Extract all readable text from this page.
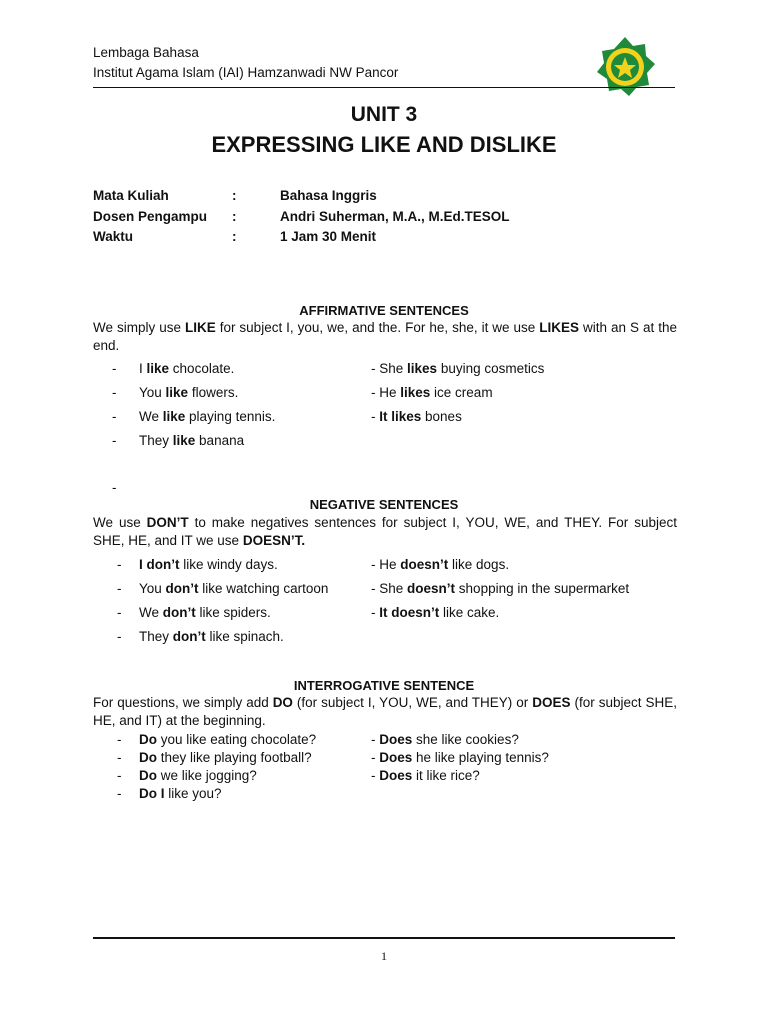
Lembaga Bahasa
Institut Agama Islam (IAI) Hamzanwadi NW Pancor
UNIT 3
EXPRESSING LIKE AND DISLIKE
Mata Kuliah	:	Bahasa Inggris
Dosen Pengampu :	Andri Suherman, M.A., M.Ed.TESOL
Waktu	:	1 Jam 30 Menit
AFFIRMATIVE SENTENCES
We simply use LIKE for subject I, you, we, and the. For he, she, it we use LIKES with an S at the end.
- I like chocolate.
- You like flowers.
- We like playing tennis.
- They like banana
- She likes buying cosmetics
- He likes ice cream
- It likes bones
-
NEGATIVE SENTENCES
We use DON’T to make negatives sentences for subject I, YOU, WE, and THEY. For subject SHE, HE, and IT we use DOESN’T.
- I don’t like windy days.
- You don’t like watching cartoon
- We don’t like spiders.
- They don’t like spinach.
- He doesn’t like dogs.
- She doesn’t shopping in the supermarket
- It doesn’t like cake.
INTERROGATIVE SENTENCE
For questions, we simply add DO (for subject I, YOU, WE, and THEY) or DOES (for subject SHE, HE, and IT) at the beginning.
- Do you like eating chocolate?
- Do they like playing football?
- Do we like jogging?
- Do I like you?
- Does she like cookies?
- Does he like playing tennis?
- Does it like rice?
1
